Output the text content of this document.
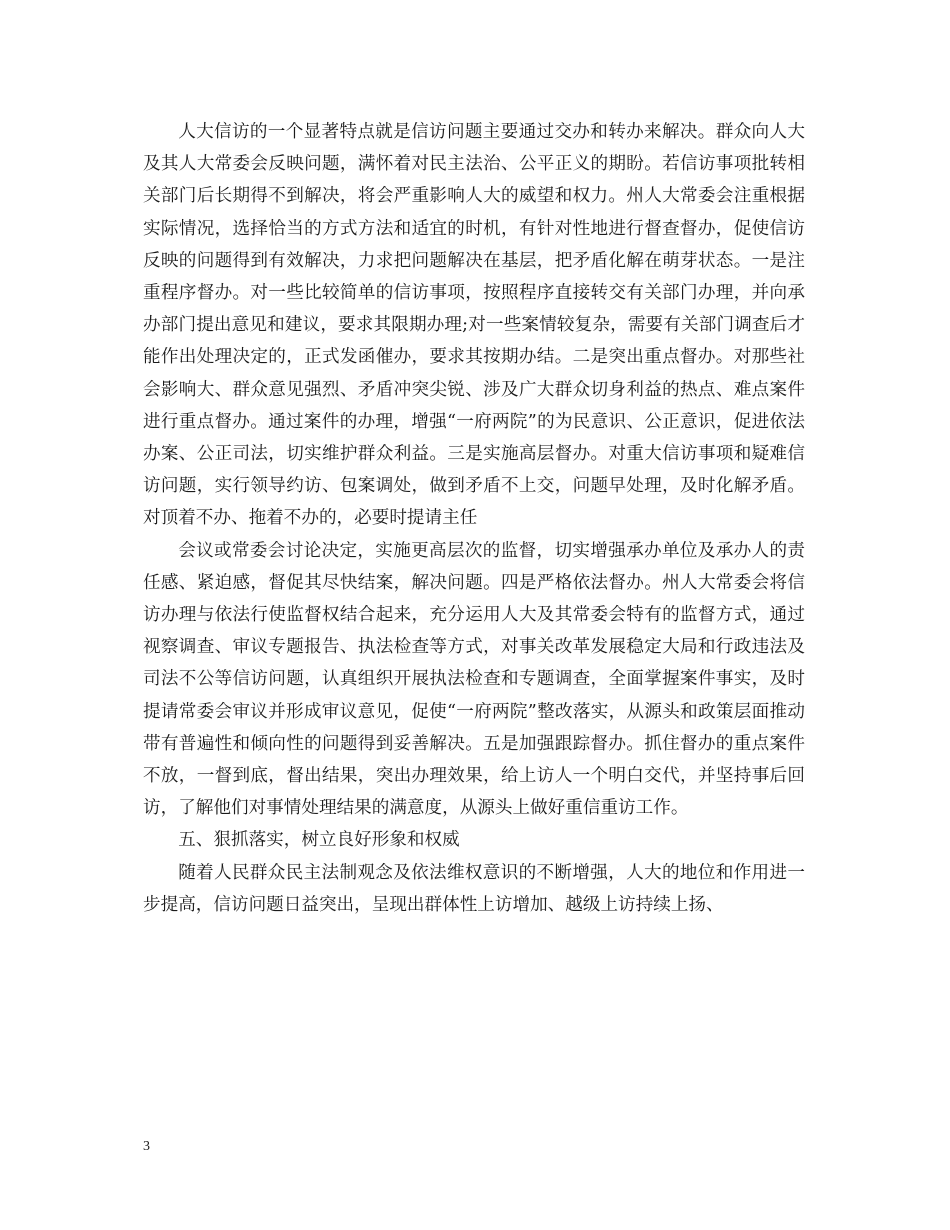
人大信访的一个显著特点就是信访问题主要通过交办和转办来解决。群众向人大及其人大常委会反映问题，满怀着对民主法治、公平正义的期盼。若信访事项批转相关部门后长期得不到解决，将会严重影响人大的威望和权力。州人大常委会注重根据实际情况，选择恰当的方式方法和适宜的时机，有针对性地进行督查督办，促使信访反映的问题得到有效解决，力求把问题解决在基层，把矛盾化解在萌芽状态。一是注重程序督办。对一些比较简单的信访事项，按照程序直接转交有关部门办理，并向承办部门提出意见和建议，要求其限期办理;对一些案情较复杂，需要有关部门调查后才能作出处理决定的，正式发函催办，要求其按期办结。二是突出重点督办。对那些社会影响大、群众意见强烈、矛盾冲突尖锐、涉及广大群众切身利益的热点、难点案件进行重点督办。通过案件的办理，增强“一府两院”的为民意识、公正意识，促进依法办案、公正司法，切实维护群众利益。三是实施高层督办。对重大信访事项和疑难信访问题，实行领导约访、包案调处，做到矛盾不上交，问题早处理，及时化解矛盾。对顶着不办、拖着不办的，必要时提请主任

会议或常委会讨论决定，实施更高层次的监督，切实增强承办单位及承办人的责任感、紧迫感，督促其尽快结案，解决问题。四是严格依法督办。州人大常委会将信访办理与依法行使监督权结合起来，充分运用人大及其常委会特有的监督方式，通过视察调查、审议专题报告、执法检查等方式，对事关改革发展稳定大局和行政违法及司法不公等信访问题，认真组织开展执法检查和专题调查，全面掌握案件事实，及时提请常委会审议并形成审议意见，促使“一府两院”整改落实，从源头和政策层面推动带有普遍性和倾向性的问题得到妥善解决。五是加强跟踪督办。抓住督办的重点案件不放，一督到底，督出结果，突出办理效果，给上访人一个明白交代，并坚持事后回访，了解他们对事情处理结果的满意度，从源头上做好重信重访工作。

五、狠抓落实，树立良好形象和权威

随着人民群众民主法制观念及依法维权意识的不断增强，人大的地位和作用进一步提高，信访问题日益突出，呈现出群体性上访增加、越级上访持续上扬、

3
